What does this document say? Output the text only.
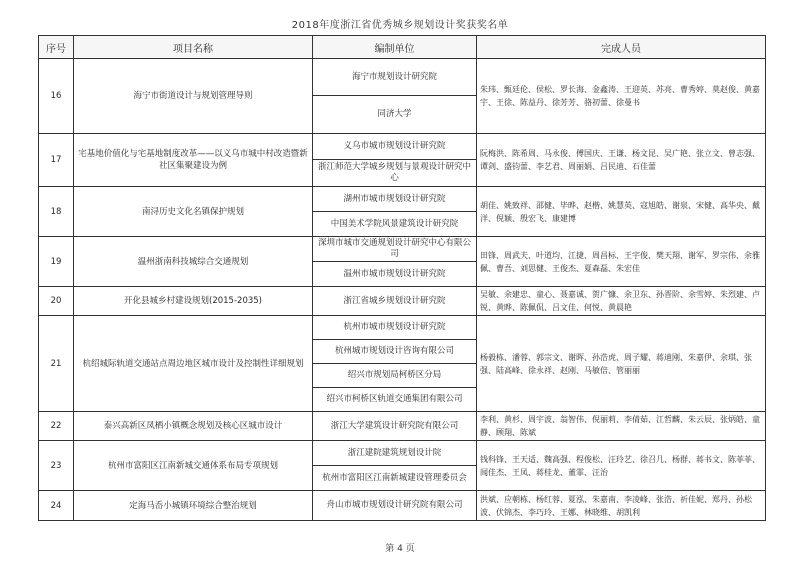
2018年度浙江省优秀城乡规划设计奖获奖名单
序号	项目名称	编制单位	完成人员
16	海宁市街道设计与规划管理导则	海宁市规划设计研究院	朱玮、甄廷伦、侯松、罗长海、金鑫涛、王迎英、苏亮、曹秀婷、莫赵俊、黄嘉宇、王徐、陈益丹、徐芳芳、骆初蕾、徐曼书
		同济大学	
17	宅基地价值化与宅基地制度改革——以义乌市城中村改造暨新社区集聚建设为例	义乌市城市规划设计研究院	阮梅洪、陈希周、马永俊、傅国庆、王谦、杨文昆、吴广艳、张立文、曾志强、谭剑、盛钧蕾、李艺君、周丽娟、吕民迪、石佳蕾
		浙江师范大学城乡规划与景观设计研究中心	
18	南浔历史文化名镇保护规划	湖州市城市规划设计研究院	胡佳、姚致祥、邵健、毕晔、赵楷、姚慧英、寇旭皓、谢泉、宋健、高华央、戴洋、倪颖、殷宏飞、康建博
		中国美术学院风景建筑设计研究院	
19	温州浙南科技城综合交通规划	深圳市城市交通规划设计研究中心有限公司	田锋、周武夫、叶道均、江捷、周昌标、王宇俊、樊天翔、谢军、罗宗伟、余雅佩、曹吾、刘思健、王俊杰、夏森磊、朱宏佳
		温州市城市规划设计研究院	
20	开化县城乡村建设规划(2015-2035)	浙江省城乡规划设计研究院	吴敏、余建忠、童心、聂嘉诚、贺广慷、余卫东、孙晋阶、余雪婷、朱烈建、卢锐、黄晔、陈佩侃、吕文佳、何悦、黄晨艳
21	杭绍城际轨道交通站点周边地区城市设计及控制性详细规划	杭州市城市规划设计研究院	杨毅栋、潘蓉、郭宗文、谢晖、孙浩虎、周子耀、蒋迪刚、朱嘉伊、余琪、张强、陆高峰、徐永祥、赵刚、马敏倍、管丽丽
		杭州城市规划设计咨询有限公司	
		绍兴市规划局柯桥区分局	
		绍兴市柯桥区轨道交通集团有限公司	
22	泰兴高新区凤栖小镇概念规划及核心区城市设计	浙江大学建筑设计研究院有限公司	李利、黄杉、周宇波、翁智伟、倪丽莉、李倩茹、江哲麟、朱云辰、张炳皓、童静、顾翔、陈斌
23	杭州市富阳区江南新城交通体系布局专项规划	浙江建院建筑规划设计院	钱科锋、王天适、魏高强、程俊松、汪玲艺、徐召几、杨群、蒋书文、陈菲菲、闻佳杰、王凤、蒋桂龙、董霏、汪治
		杭州市富阳区江南新城建设管理委员会	
24	定海马岙小城镇环境综合整治规划	舟山市城市规划设计研究院有限公司	洪斌、应朝栋、杨红蓉、夏泓、朱嘉南、李凌峰、张浩、祈佳妮、郑丹、孙松波、伏锦杰、李巧玲、王娜、林晓维、胡凯利
第 4 页
